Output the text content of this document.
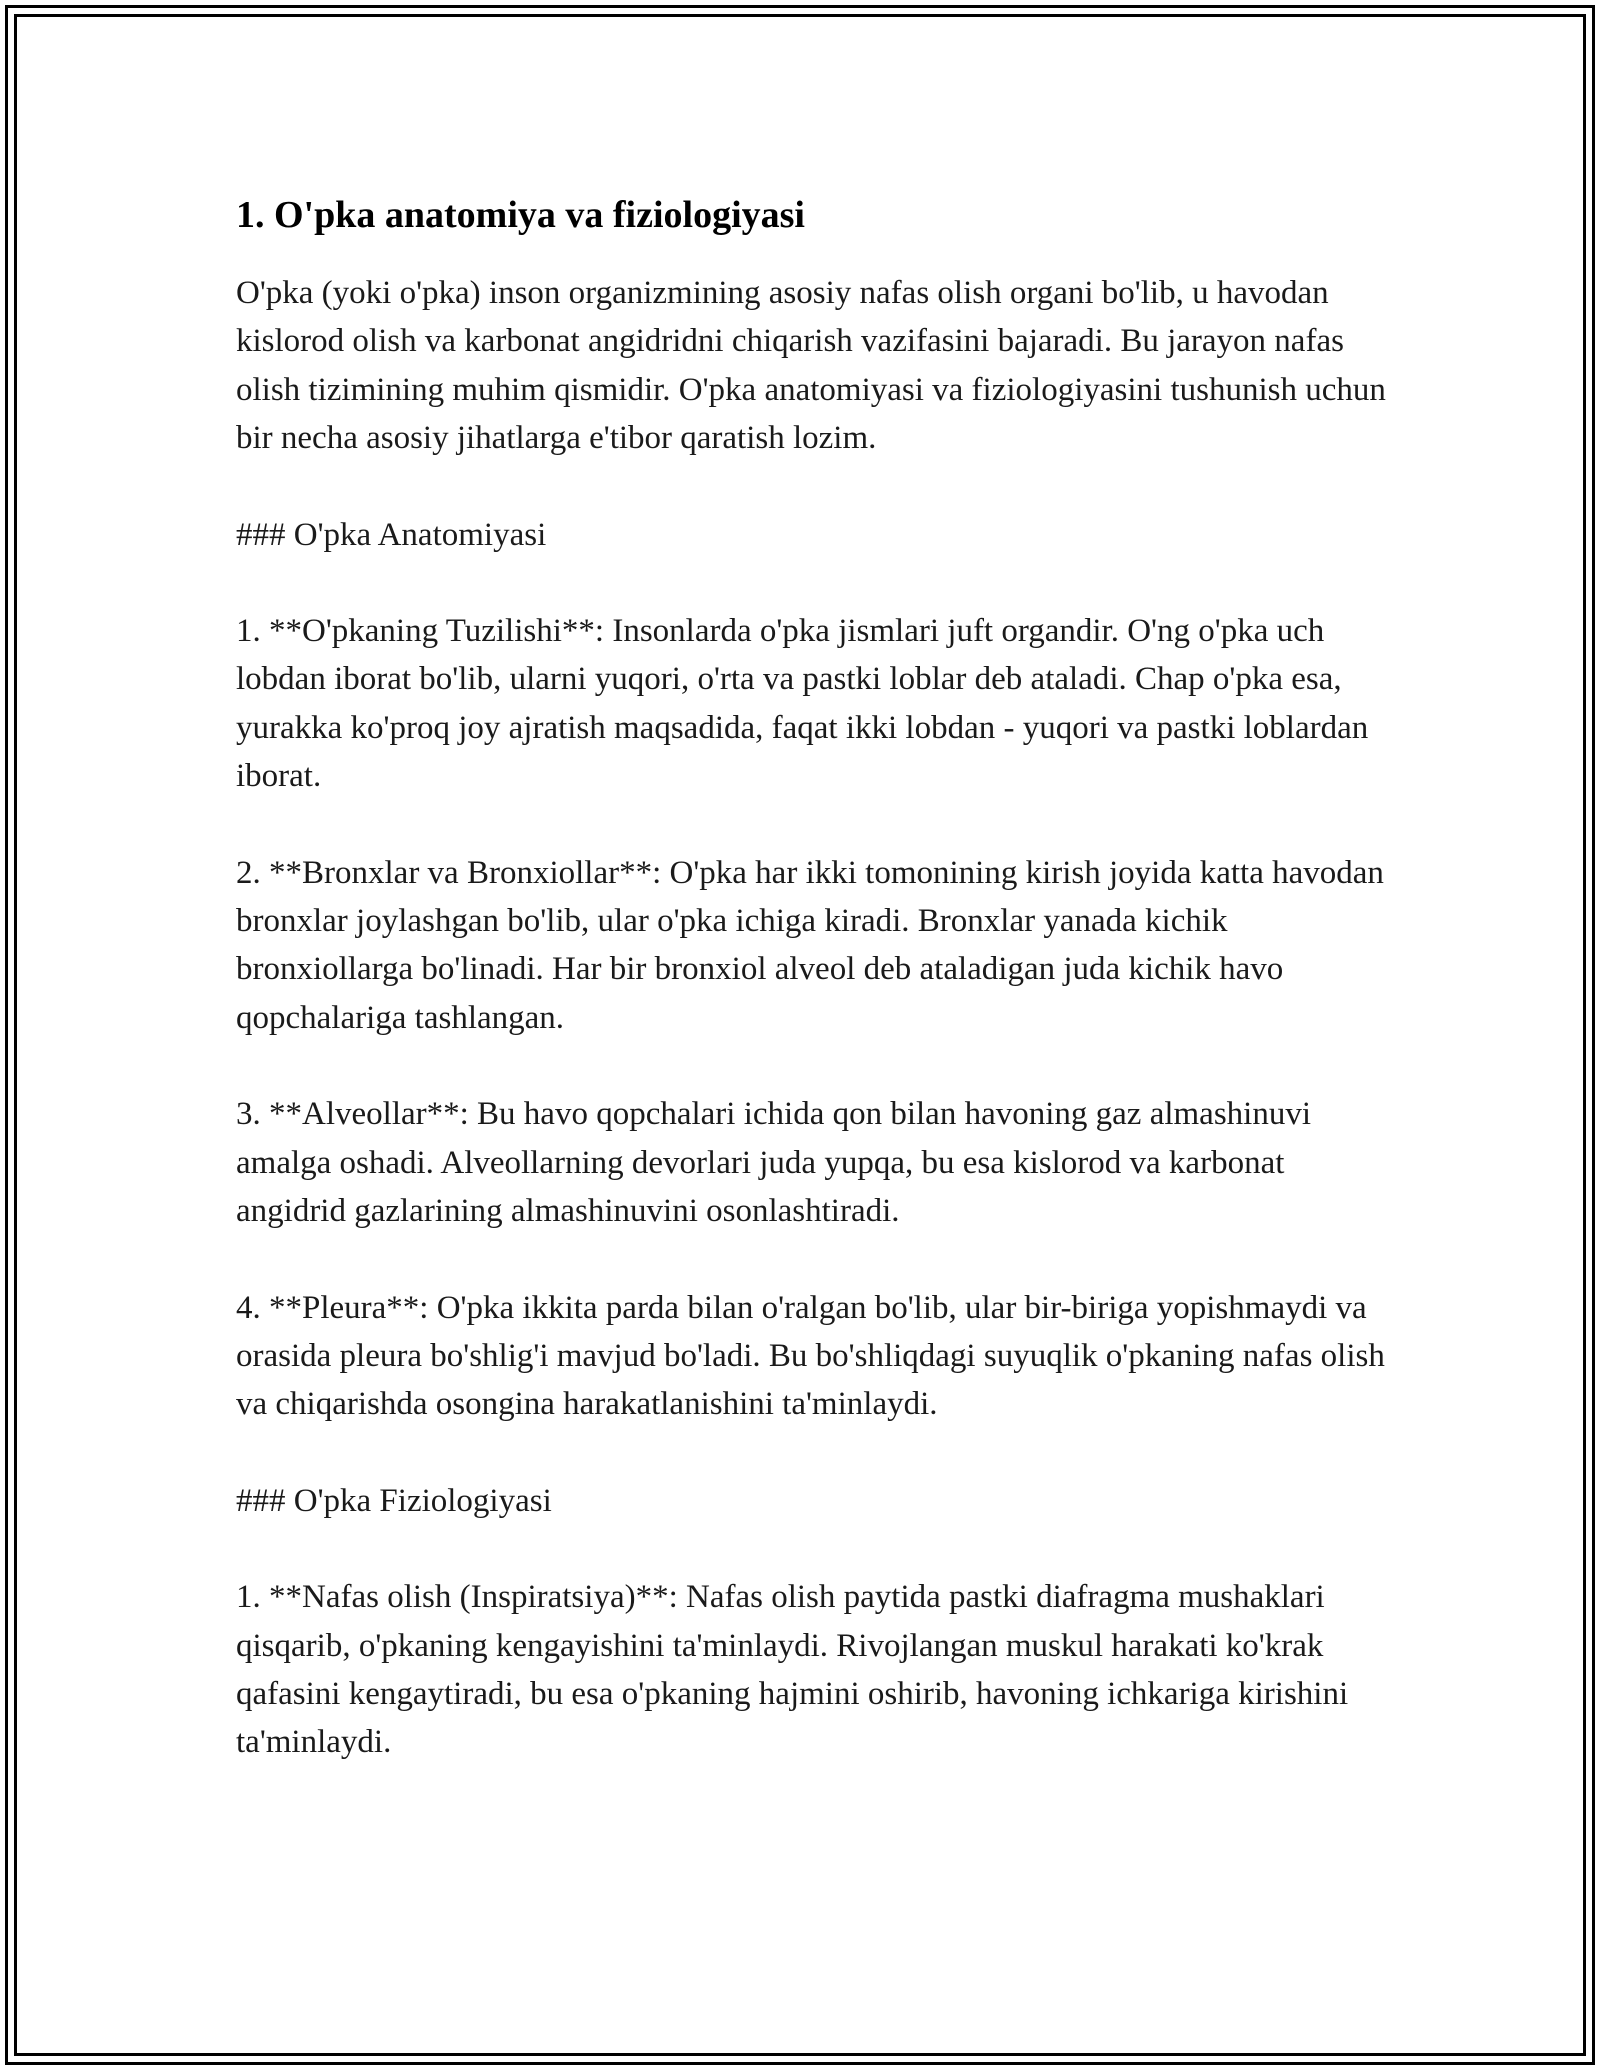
1. O'pka anatomiya va fiziologiyasi

O'pka (yoki o'pka) inson organizmining asosiy nafas olish organi bo'lib, u havodan kislorod olish va karbonat angidridni chiqarish vazifasini bajaradi. Bu jarayon nafas olish tizimining muhim qismidir. O'pka anatomiyasi va fiziologiyasini tushunish uchun bir necha asosiy jihatlarga e'tibor qaratish lozim.

### O'pka Anatomiyasi

1. **O'pkaning Tuzilishi**: Insonlarda o'pka jismlari juft organdir. O'ng o'pka uch lobdan iborat bo'lib, ularni yuqori, o'rta va pastki loblar deb ataladi. Chap o'pka esa, yurakka ko'proq joy ajratish maqsadida, faqat ikki lobdan - yuqori va pastki loblardan iborat.

2. **Bronxlar va Bronxiollar**: O'pka har ikki tomonining kirish joyida katta havodan bronxlar joylashgan bo'lib, ular o'pka ichiga kiradi. Bronxlar yanada kichik bronxiollarga bo'linadi. Har bir bronxiol alveol deb ataladigan juda kichik havo qopchalariga tashlangan.

3. **Alveollar**: Bu havo qopchalari ichida qon bilan havoning gaz almashinuvi amalga oshadi. Alveollarning devorlari juda yupqa, bu esa kislorod va karbonat angidrid gazlarining almashinuvini osonlashtiradi.

4. **Pleura**: O'pka ikkita parda bilan o'ralgan bo'lib, ular bir-biriga yopishmaydi va orasida pleura bo'shlig'i mavjud bo'ladi. Bu bo'shliqdagi suyuqlik o'pkaning nafas olish va chiqarishda osongina harakatlanishini ta'minlaydi.

### O'pka Fiziologiyasi

1. **Nafas olish (Inspiratsiya)**: Nafas olish paytida pastki diafragma mushaklari qisqarib, o'pkaning kengayishini ta'minlaydi. Rivojlangan muskul harakati ko'krak qafasini kengaytiradi, bu esa o'pkaning hajmini oshirib, havoning ichkariga kirishini ta'minlaydi.
